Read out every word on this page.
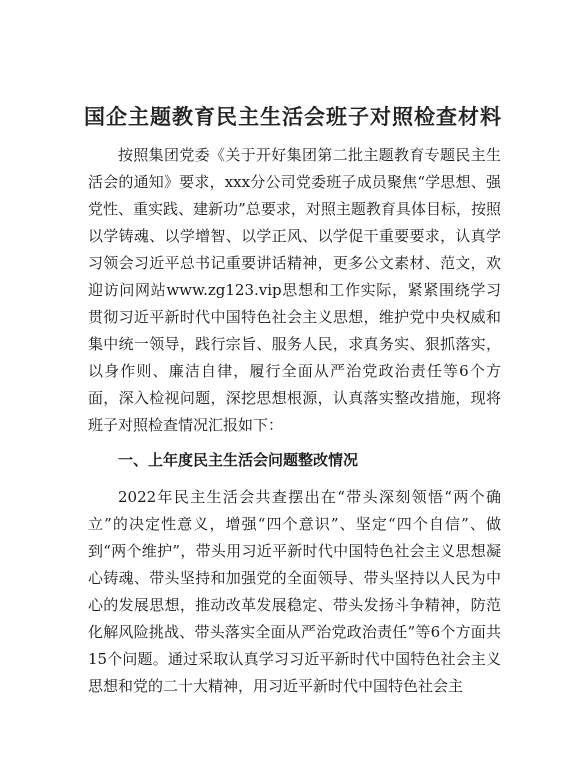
国企主题教育民主生活会班子对照检查材料

按照集团党委《关于开好集团第二批主题教育专题民主生活会的通知》要求，xxx分公司党委班子成员聚焦“学思想、强党性、重实践、建新功”总要求，对照主题教育具体目标，按照以学铸魂、以学增智、以学正风、以学促干重要要求，认真学习领会习近平总书记重要讲话精神，更多公文素材、范文，欢迎访问网站www.zg123.vip思想和工作实际，紧紧围绕学习贯彻习近平新时代中国特色社会主义思想，维护党中央权威和集中统一领导，践行宗旨、服务人民，求真务实、狠抓落实，以身作则、廉洁自律，履行全面从严治党政治责任等6个方面，深入检视问题，深挖思想根源，认真落实整改措施，现将班子对照检查情况汇报如下：

一、上年度民主生活会问题整改情况

2022年民主生活会共查摆出在“带头深刻领悟“两个确立”的决定性意义，增强“四个意识”、坚定“四个自信”、做到“两个维护”，带头用习近平新时代中国特色社会主义思想凝心铸魂、带头坚持和加强党的全面领导、带头坚持以人民为中心的发展思想，推动改革发展稳定、带头发扬斗争精神，防范化解风险挑战、带头落实全面从严治党政治责任”等6个方面共15个问题。通过采取认真学习习近平新时代中国特色社会主义思想和党的二十大精神，用习近平新时代中国特色社会主
